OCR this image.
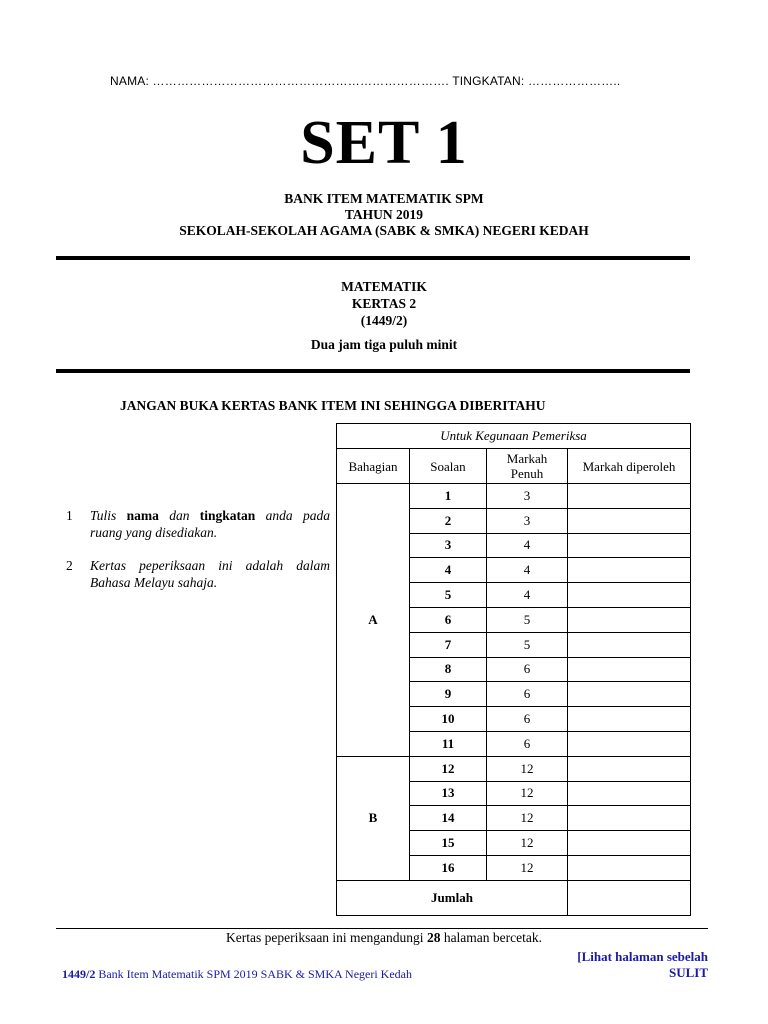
NAMA: ………………………………………………………………. TINGKATAN: …………………..
SET 1
BANK ITEM MATEMATIK SPM
TAHUN 2019
SEKOLAH-SEKOLAH AGAMA (SABK & SMKA) NEGERI KEDAH
MATEMATIK
KERTAS 2
(1449/2)
Dua jam tiga puluh minit
JANGAN BUKA KERTAS BANK ITEM INI SEHINGGA DIBERITAHU
1 Tulis nama dan tingkatan anda pada ruang yang disediakan.
2 Kertas peperiksaan ini adalah dalam Bahasa Melayu sahaja.
Untuk Kegunaan Pemeriksa			
Bahagian	Soalan	Markah Penuh	Markah diperoleh
A	1	3	
	2	3	
	3	4	
	4	4	
	5	4	
	6	5	
	7	5	
	8	6	
	9	6	
	10	6	
	11	6	
B	12	12	
	13	12	
	14	12	
	15	12	
	16	12	
Jumlah			
Kertas peperiksaan ini mengandungi 28 halaman bercetak.
[Lihat halaman sebelah
SULIT
1449/2 Bank Item Matematik SPM 2019 SABK & SMKA Negeri Kedah
